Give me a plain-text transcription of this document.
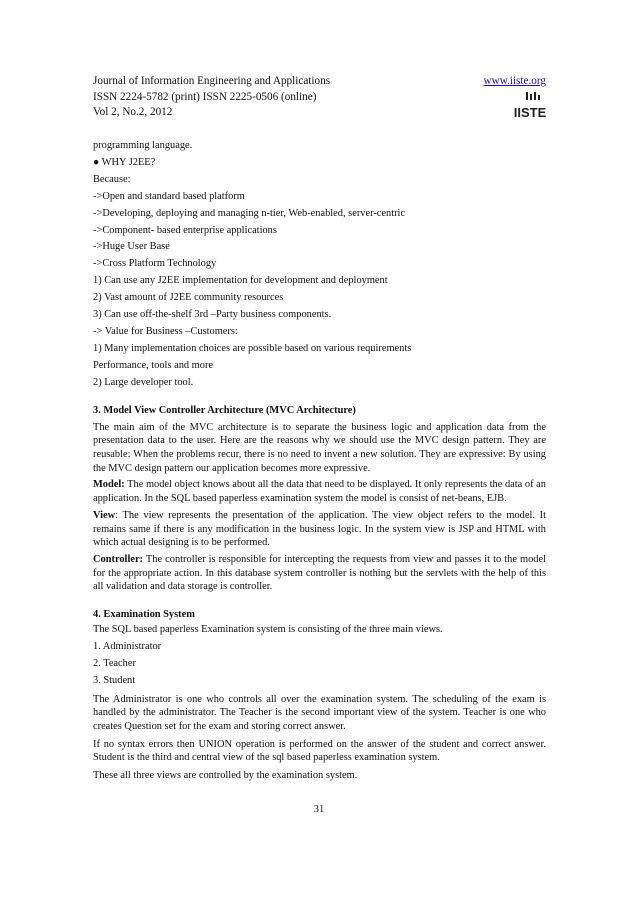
Journal of Information Engineering and Applications
ISSN 2224-5782 (print) ISSN 2225-0506 (online)
Vol 2, No.2, 2012
www.iiste.org
IISTE
programming language.
● WHY J2EE?
Because:
->Open and standard based platform
->Developing, deploying and managing n-tier, Web-enabled, server-centric
->Component- based enterprise applications
->Huge User Base
->Cross Platform Technology
1) Can use any J2EE implementation for development and deployment
2) Vast amount of J2EE community resources
3) Can use off-the-shelf 3rd –Party business components.
-> Value for Business –Customers:
1) Many implementation choices are possible based on various requirements
Performance, tools and more
2) Large developer tool.
3. Model View Controller Architecture (MVC Architecture)
The main aim of the MVC architecture is to separate the business logic and application data from the presentation data to the user. Here are the reasons why we should use the MVC design pattern. They are reusable: When the problems recur, there is no need to invent a new solution. They are expressive: By using the MVC design pattern our application becomes more expressive.
Model: The model object knows about all the data that need to be displayed. It only represents the data of an application. In the SQL based paperless examination system the model is consist of net-beans, EJB.
View: The view represents the presentation of the application. The view object refers to the model. It remains same if there is any modification in the business logic. In the system view is JSP and HTML with which actual designing is to be performed.
Controller: The controller is responsible for intercepting the requests from view and passes it to the model for the appropriate action. In this database system controller is nothing but the servlets with the help of this all validation and data storage is controller.
4. Examination System
The SQL based paperless Examination system is consisting of the three main views.
1. Administrator
2. Teacher
3. Student
The Administrator is one who controls all over the examination system. The scheduling of the exam is handled by the administrator. The Teacher is the second important view of the system. Teacher is one who creates Question set for the exam and storing correct answer.
If no syntax errors then UNION operation is performed on the answer of the student and correct answer. Student is the third and central view of the sql based paperless examination system.
These all three views are controlled by the examination system.
31
